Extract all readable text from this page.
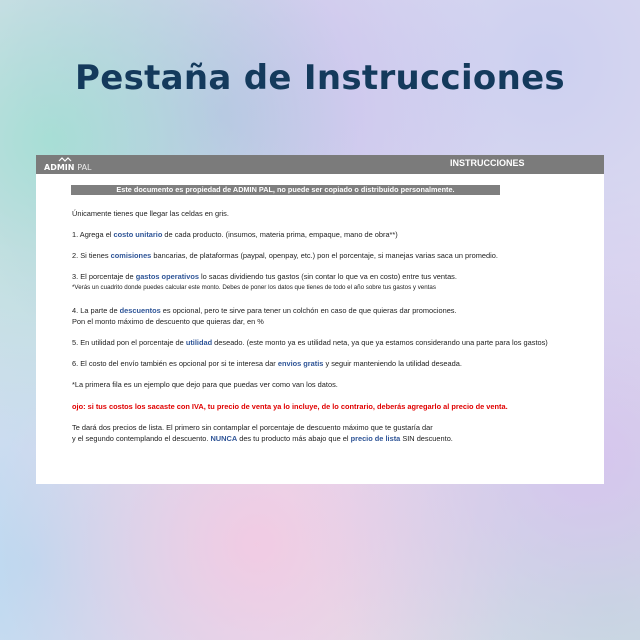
Pestaña de Instrucciones
ADMIN PAL	INSTRUCCIONES
Este documento es propiedad de ADMIN PAL, no puede ser copiado o distribuido personalmente.
Únicamente tienes que llegar las celdas en gris.
1. Agrega el costo unitario de cada producto. (insumos, materia prima, empaque, mano de obra**)
2. Si tienes comisiones bancarias, de plataformas (paypal, openpay, etc.) pon el porcentaje, si manejas varias saca un promedio.
3. El porcentaje de gastos operativos lo sacas dividiendo tus gastos (sin contar lo que va en costo) entre tus ventas.
*Verás un cuadrito donde puedes calcular este monto. Debes de poner los datos que tienes de todo el año sobre tus gastos y ventas
4. La parte de descuentos es opcional, pero te sirve para tener un colchón en caso de que quieras dar promociones.
Pon el monto máximo de descuento que quieras dar, en %
5. En utilidad pon el porcentaje de utilidad deseado. (este monto ya es utilidad neta, ya que ya estamos considerando una parte para los gastos)
6. El costo del envío también es opcional por si te interesa dar envios gratis y seguir manteniendo la utilidad deseada.
*La primera fila es un ejemplo que dejo para que puedas ver como van los datos.
ojo: si tus costos los sacaste con IVA, tu precio de venta ya lo incluye, de lo contrario, deberás agregarlo al precio de venta.
Te dará dos precios de lista. El primero sin contamplar el porcentaje de descuento máximo que te gustaría dar
y el segundo contemplando el descuento. NUNCA des tu producto más abajo que el precio de lista SIN descuento.
